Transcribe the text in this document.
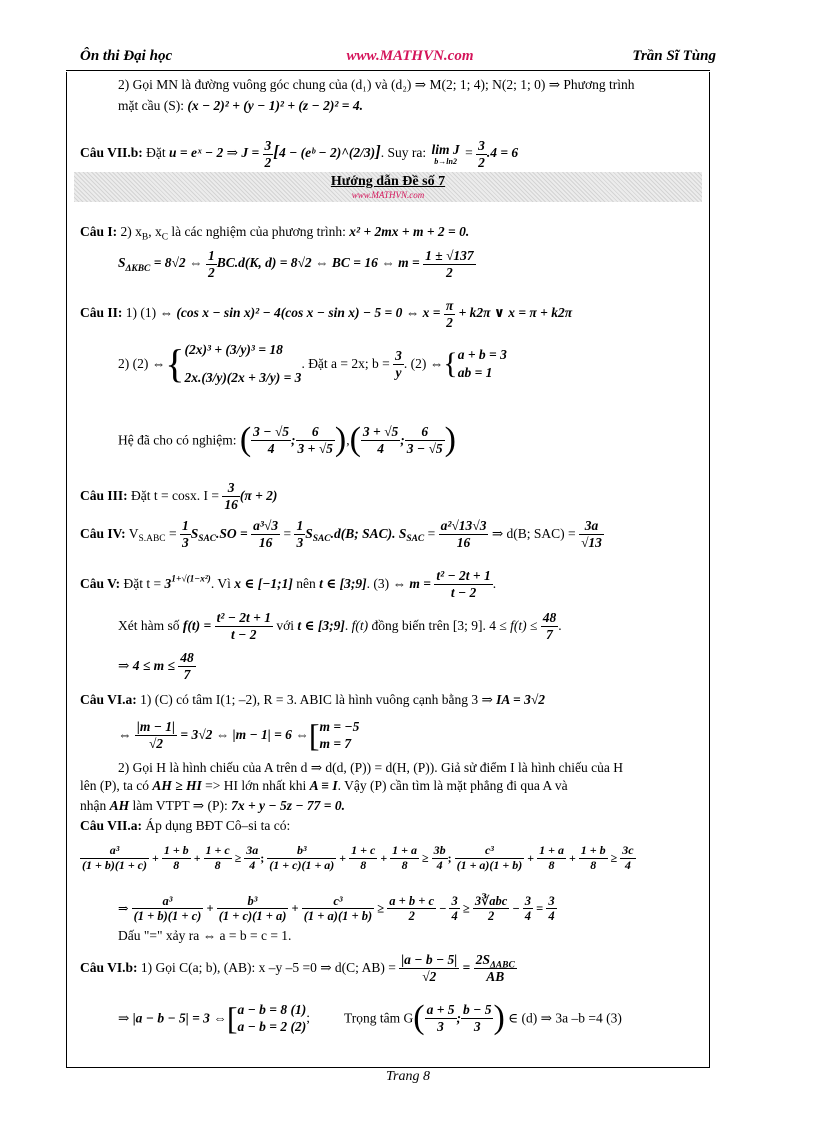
Ôn thi Đại học	www.MATHVN.com	Trần Sĩ Tùng
2) Gọi MN là đường vuông góc chung của (d₁) và (d₂) ⇒ M(2; 1; 4); N(2; 1; 0) ⇒ Phương trình
mặt cầu (S): (x − 2)² + (y − 1)² + (z − 2)² = 4.
Câu VII.b: Đặt u = eˣ − 2 ⇒ $J = \frac{3}{2} [4$ − (eᵇ − 2)^(2/3)]. Suy ra: lim J
b→ln2
= $\frac{3}{2} .4 = 6$
Hướng dẫn Đề số 7
www.MATHVN.com
Câu I: 2) $x_B$, $x_C$ là các nghiệm của phương trình: x² + 2mx + m + 2 = 0.
$S_{\Delta KBC} = 8√2$ ⇔ $\frac{1}{2} BC.d(K$, d) = 8√2 ⇔ BC = 16 ⇔ $m = \frac{1 \pm √137}{2}$
Câu II: 1) (1) ⇔ (cos x − sin x)² − 4(cos x − sin x) − 5 = 0 ⇔ $x = \frac{\pi}{2} + k2\pi$ ∨ x = π + k2π
2) (2) ⇔{ (2x)³ + (3/y)³ = 18
2x.(3/y)(2x + 3/y) = 3
. Đặt a = 2x; $b = \frac{3}{y}$ . (2) ⇔{ a + b = 3
ab = 1
Hệ đã cho có nghiệm: ( $\frac{3 - √5}{4}$ ; $\frac{6}{3 + √5}$ ),( $\frac{3 + √5}{4}$ ; $\frac{6}{3 - √5}$ )
Câu III: Đặt t = cosx. $I = \frac{3}{16} (\pi + 2)$
Câu IV: $V_{S.ABC} = \frac{1}{3} S_{SAC}.SO = \frac{\text{a³√3}}{16} = \frac{1}{3} S_{SAC}.d(B$; SAC). $S_{SAC} = \frac{\text{a²√13√3}}{16}$ ⇒ d(B; $SAC) = \frac{3a}{√13}$
Câu V: Đặt $t = 3^{1+√(1-x^2)}$. Vì x ∈ [−1;1] nên t ∈ [3;9]. (3) ⇔ $m = \frac{\text{t² − 2t + 1}}{t - 2}$ .
Xét hàm số $f(t) = \frac{\text{t² − 2t + 1}}{t - 2}$ với t ∈ [3;9]. f(t) đồng biến trên [3; 9]. $4 \le f(t) \le \frac{48}{7}$ .
⇒ $4 \le m \le \frac{48}{7}$
Câu VI.a: 1) (C) có tâm I(1; –2), R = 3. ABIC là hình vuông cạnh bằng 3 ⇒ IA = 3√2
⇔ $\frac{|m - 1|}{√2} = 3√2$ ⇔ |m − 1| = 6 ⇔[ m = −5
m = 7
2) Gọi H là hình chiếu của A trên d ⇒ d(d, (P)) = d(H, (P)). Giả sử điểm I là hình chiếu của H
lên (P), ta có AH ≥ HI => HI lớn nhất khi A ≡ I. Vậy (P) cần tìm là mặt phẳng đi qua A và
nhận AH làm VTPT ⇒ (P): 7x + y − 5z − 77 = 0.
Câu VII.a: Áp dụng BĐT Cô–si ta có:
$\frac{\text{a³}}{(1 + b)(1 + c)} + \frac{1 + b}{8} + \frac{1 + c}{8} \ge \frac{3a}{4}$ ; $\frac{\text{b³}}{(1 + c)(1 + a)} + \frac{1 + c}{8} + \frac{1 + a}{8} \ge \frac{3b}{4}$ ; $\frac{\text{c³}}{(1 + a)(1 + b)} + \frac{1 + a}{8} + \frac{1 + b}{8} \ge \frac{3c}{4}$
⇒ $\frac{\text{a³}}{(1 + b)(1 + c)} + \frac{\text{b³}}{(1 + c)(1 + a)} + \frac{\text{c³}}{(1 + a)(1 + b)} \ge \frac{a + b + c}{2} - \frac{3}{4} \ge \frac{\text{3∛abc}}{2} - \frac{3}{4} = \frac{3}{4}$
Dấu "=" xảy ra ⇔ a = b = c = 1.
Câu VI.b: 1) Gọi C(a; b), (AB): x –y –5 =0 ⇒ d(C; $AB) = \frac{|a - b - 5|}{√2} = \frac{2S_{\Delta ABC}}{AB}$
⇒ |a − b − 5| = 3 ⇔[ a − b = 8 (1)
a − b = 2 (2)
;	Trọng tâm $G( \frac{a + 5}{3}$ ; $\frac{b - 5}{3}$ ) ∈ (d) ⇒ 3a –b =4 (3)
Trang 8
